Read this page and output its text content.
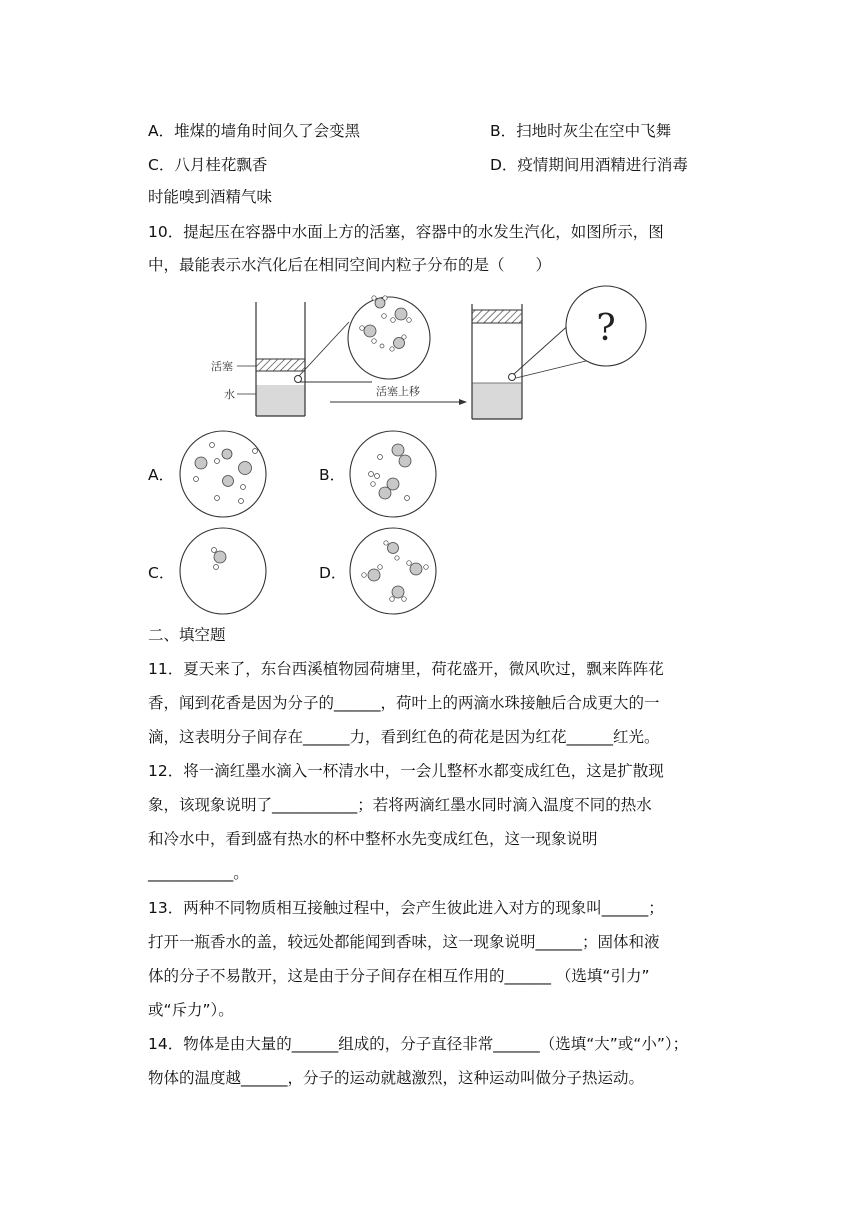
A．堆煤的墙角时间久了会变黑	B．扫地时灰尘在空中飞舞
C．八月桂花飘香	D．疫情期间用酒精进行消毒
时能嗅到酒精气味
10．提起压在容器中水面上方的活塞，容器中的水发生汽化，如图所示，图
中，最能表示水汽化后在相同空间内粒子分布的是（　　）
活塞
水	活塞上移
?
A．	B．
C．	D．
二、填空题
11．夏天来了，东台西溪植物园荷塘里，荷花盛开，微风吹过，飘来阵阵花
香，闻到花香是因为分子的______，荷叶上的两滴水珠接触后合成更大的一
滴，这表明分子间存在______力，看到红色的荷花是因为红花______红光。
12．将一滴红墨水滴入一杯清水中，一会儿整杯水都变成红色，这是扩散现
象，该现象说明了___________；若将两滴红墨水同时滴入温度不同的热水
和冷水中，看到盛有热水的杯中整杯水先变成红色，这一现象说明
___________。
13．两种不同物质相互接触过程中，会产生彼此进入对方的现象叫______；
打开一瓶香水的盖，较远处都能闻到香味，这一现象说明______；固体和液
体的分子不易散开，这是由于分子间存在相互作用的______ （选填“引力”
或“斥力”）。
14．物体是由大量的______组成的，分子直径非常______（选填“大”或“小”）；
物体的温度越______，分子的运动就越激烈，这种运动叫做分子热运动。
